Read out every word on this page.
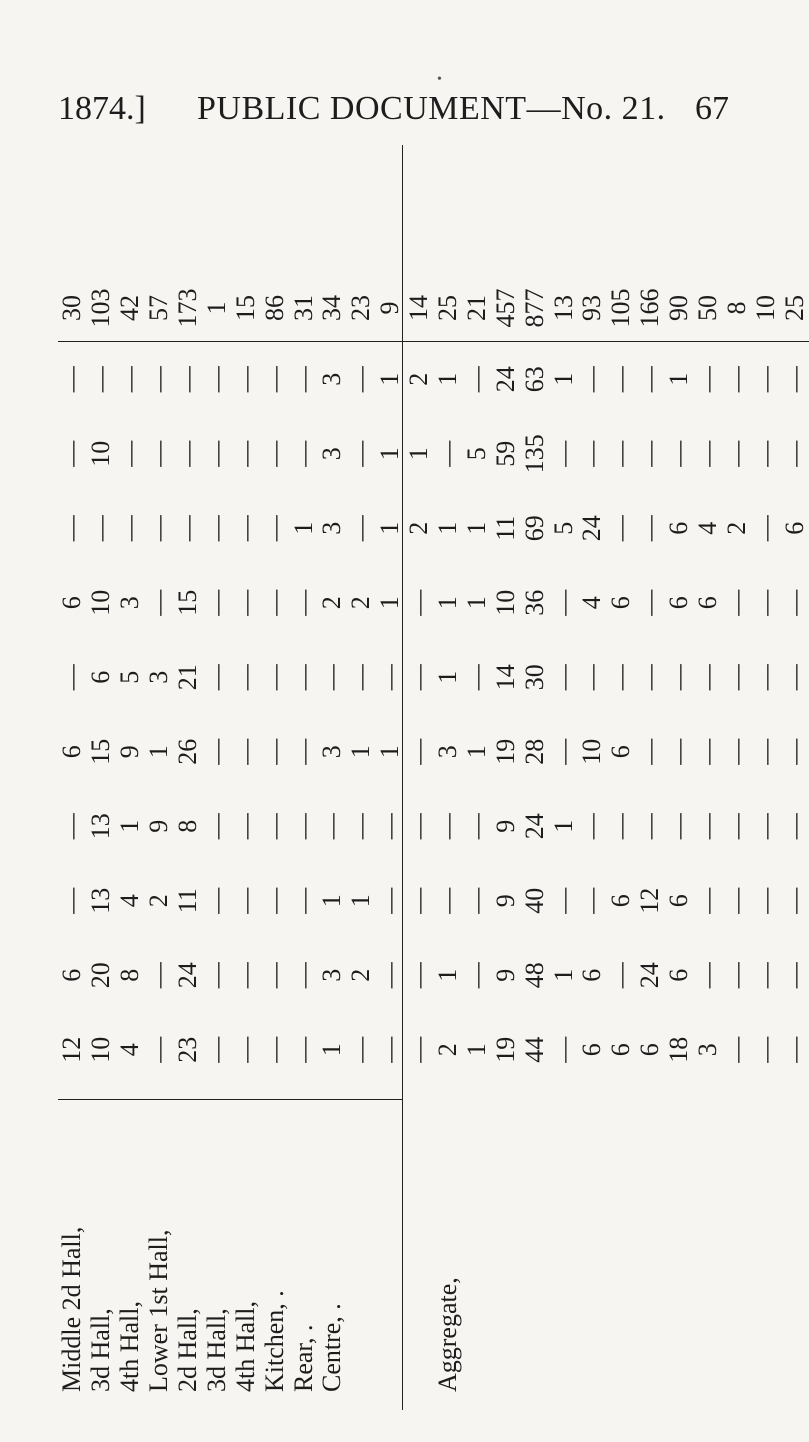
1874.] PUBLIC DOCUMENT—No. 21. 67
•
Middle 2d Hall,	12	6	—	—	6	—	6	—	—	—	30
3d Hall,	10	20	13	13	15	6	10	—	10	—	103
4th Hall,	4	8	4	1	9	5	3	—	—	—	42
Lower 1st Hall,	—	—	2	9	1	3	—	—	—	—	57
2d Hall,	23	24	11	8	26	21	15	—	—	—	173
3d Hall,	—	—	—	—	—	—	—	—	—	—	1
4th Hall,	—	—	—	—	—	—	—	—	—	—	15
Kitchen, .	—	—	—	—	—	—	—	—	—	—	86
Rear, .	—	—	—	—	—	—	—	1	—	—	31
Centre, .	1	3	1	—	3	—	2	3	3	3	34
	—	2	1	—	1	—	2	—	—	—	23
	—	—	—	—	1	—	1	1	1	1	9
	—	—	—	—	—	—	—	2	1	2	14
Aggregate,	2	1	—	—	3	1	1	1	—	1	25
	1	—	—	—	1	—	1	1	5	—	21
	19	9	9	9	19	14	10	11	59	24	457
	44	48	40	24	28	30	36	69	135	63	877
	—	1	—	1	—	—	—	5	—	1	13
	6	6	—	—	10	—	4	24	—	—	93
	6	—	6	—	6	—	6	—	—	—	105
	6	24	12	—	—	—	—	—	—	—	166
	18	6	6	—	—	—	6	6	—	1	90
	3	—	—	—	—	—	6	4	—	—	50
	—	—	—	—	—	—	—	2	—	—	8
	—	—	—	—	—	—	—	—	—	—	10
	—	—	—	—	—	—	—	6	—	—	25
